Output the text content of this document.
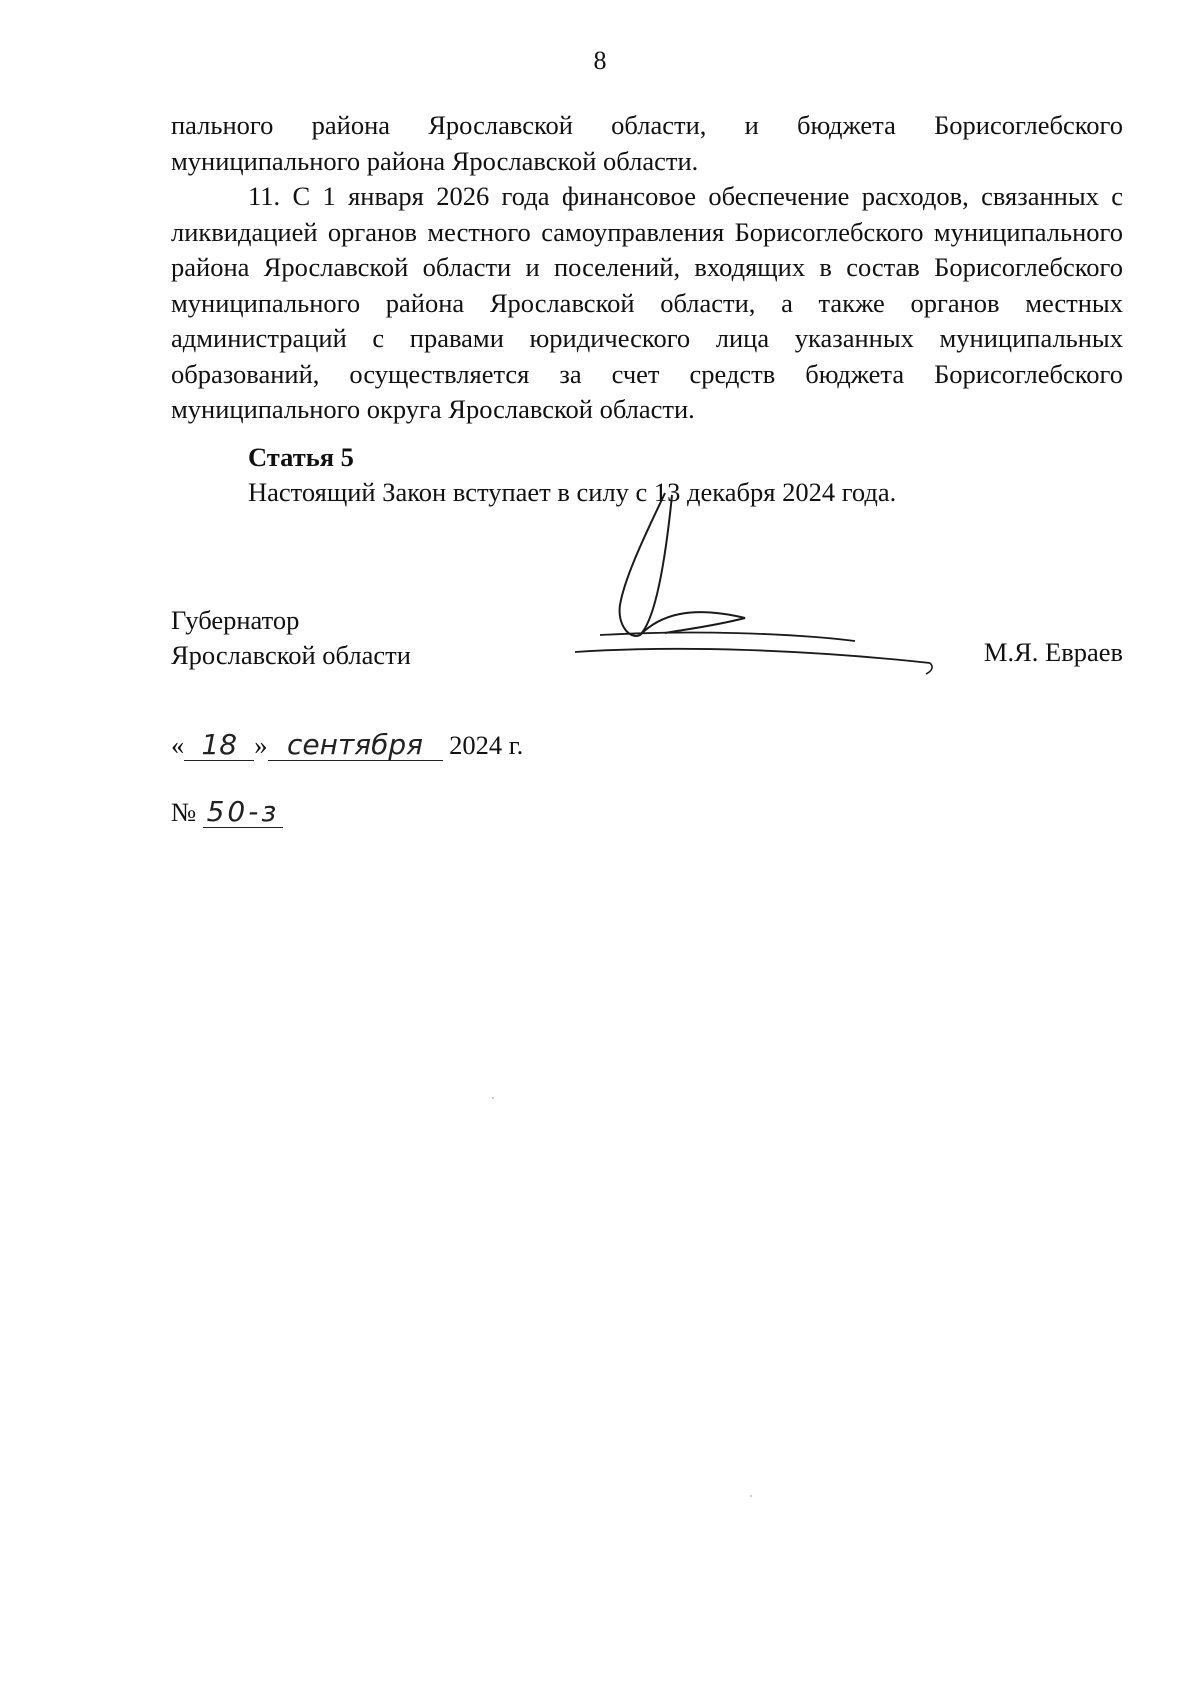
8

пального района Ярославской области, и бюджета Борисоглебского муниципального района Ярославской области.

11. С 1 января 2026 года финансовое обеспечение расходов, связанных с ликвидацией органов местного самоуправления Борисоглебского муниципального района Ярославской области и поселений, входящих в состав Борисоглебского муниципального района Ярославской области, а также органов местных администраций с правами юридического лица указанных муниципальных образований, осуществляется за счет средств бюджета Борисоглебского муниципального округа Ярославской области.

Статья 5
Настоящий Закон вступает в силу с 13 декабря 2024 года.
Губернатор
Ярославской области	М.Я. Евраев
« 18 » сентября 2024 г.
№ 50-з
